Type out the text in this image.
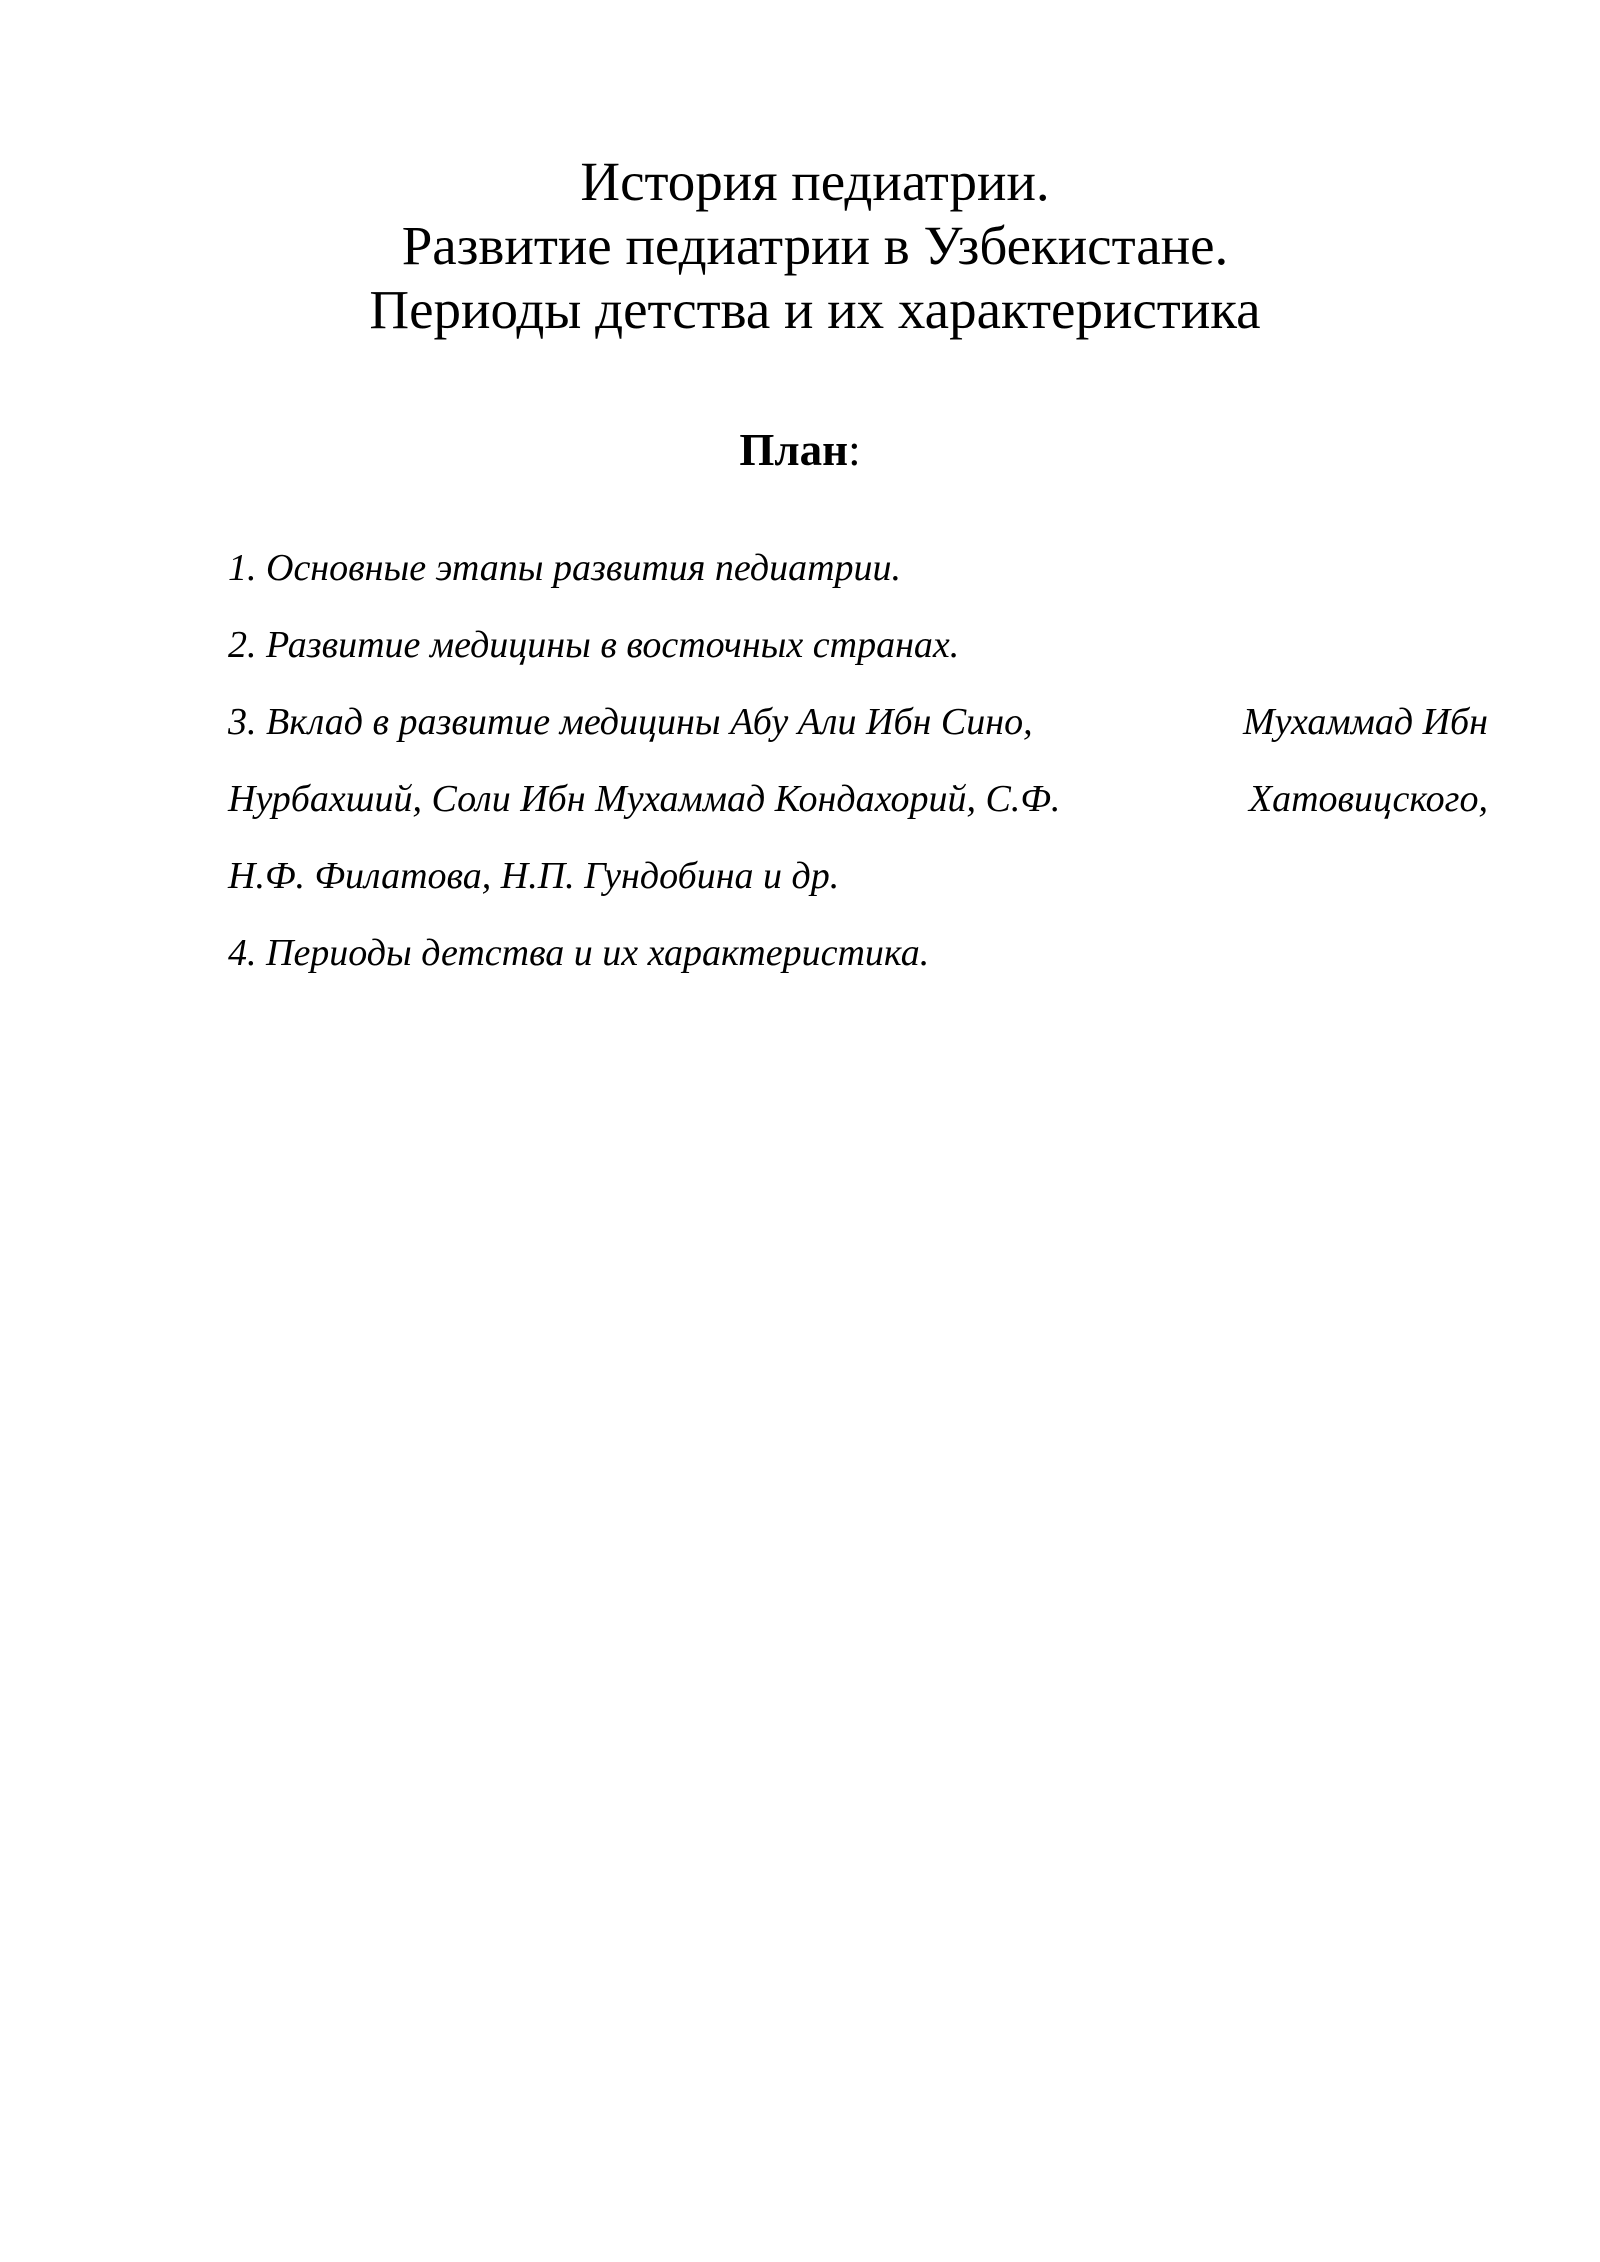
История педиатрии.
Развитие педиатрии в Узбекистане.
Периоды детства и их характеристика
План:
1. Основные этапы развития педиатрии.
2. Развитие медицины в восточных странах.
3. Вклад в развитие медицины Абу Али Ибн Сино,	Мухаммад Ибн
Нурбахший, Соли Ибн Мухаммад Кондахорий, С.Ф.	Хатовицского,
Н.Ф. Филатова, Н.П. Гундобина и др.
4. Периоды детства и их характеристика.
